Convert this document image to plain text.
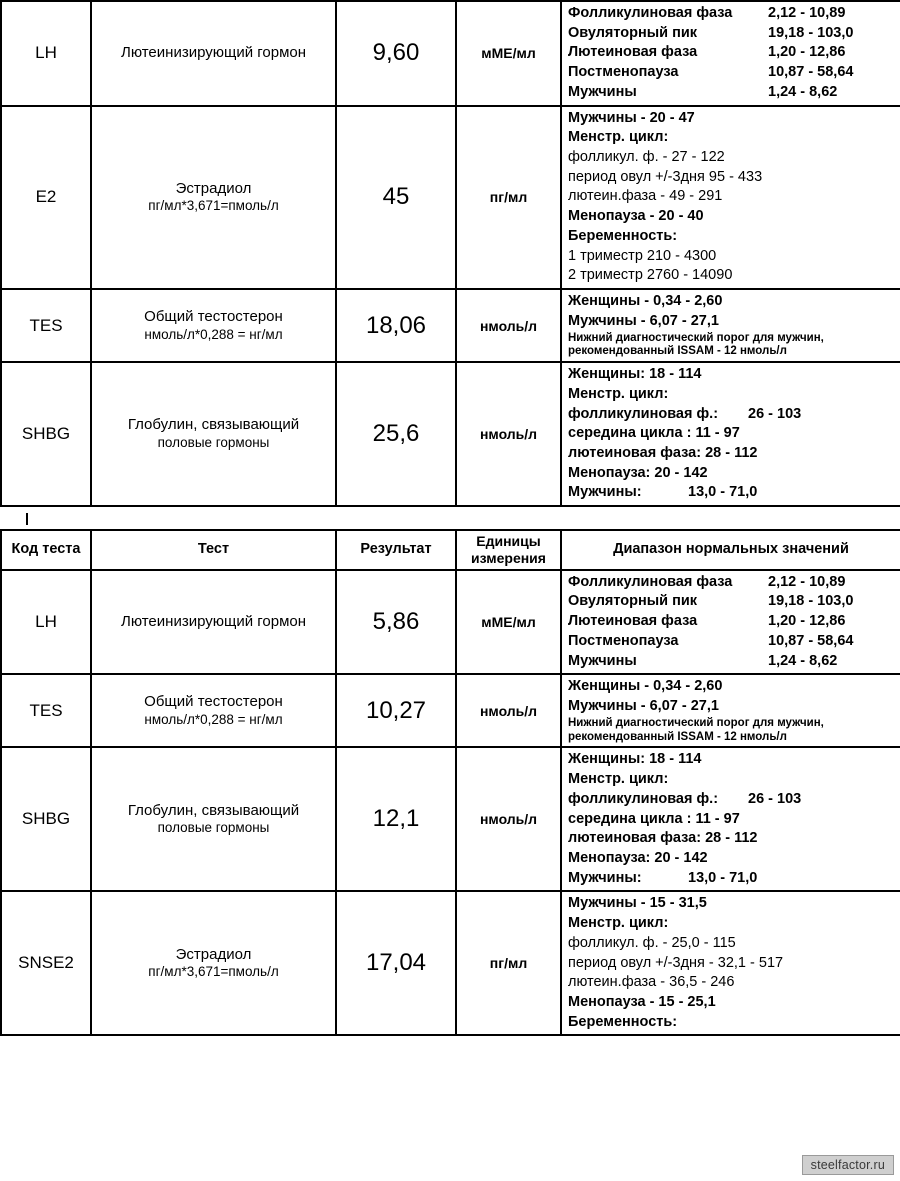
LH	Лютеинизирующий гормон	9,60	мМЕ/мл	Фолликулиновая фаза 2,12 - 10,89
Овуляторный пик 19,18 - 103,0
Лютеиновая фаза 1,20 - 12,86
Постменопауза 10,87 - 58,64
Мужчины 1,24 - 8,62

E2	Эстрадиол
пг/мл*3,671=пмоль/л	45	пг/мл	
Мужчины - 20 - 47
Менстр. цикл:
фолликул. ф. - 27 - 122
период овул +/-3дня 95 - 433
лютеин.фаза - 49 - 291
Менопауза - 20 - 40
Беременность:
1 триместр 210 - 4300
2 триместр 2760 - 14090

TES	Общий тестостерон
нмоль/л*0,288 = нг/мл	18,06	нмоль/л	
Женщины - 0,34 - 2,60
Мужчины - 6,07 - 27,1
Нижний диагностический порог для мужчин, рекомендованный ISSAM - 12 нмоль/л

SHBG	Глобулин, связывающий
половые гормоны	25,6	нмоль/л	
Женщины: 18 - 114
Менстр. цикл:
фолликулиновая ф.: 26 - 103
середина цикла : 11 - 97
лютеиновая фаза: 28 - 112
Менопауза: 20 - 142
Мужчины:	13,0 - 71,0
Код теста	Тест	Результат	Единицы
измерения	Диапазон нормальных значений
LH	Лютеинизирующий гормон	5,86	мМЕ/мл	Фолликулиновая фаза 2,12 - 10,89
Овуляторный пик 19,18 - 103,0
Лютеиновая фаза 1,20 - 12,86
Постменопауза 10,87 - 58,64
Мужчины 1,24 - 8,62

TES	Общий тестостерон
нмоль/л*0,288 = нг/мл	10,27	нмоль/л	
Женщины - 0,34 - 2,60
Мужчины - 6,07 - 27,1
Нижний диагностический порог для мужчин, рекомендованный ISSAM - 12 нмоль/л

SHBG	Глобулин, связывающий
половые гормоны	12,1	нмоль/л	
Женщины: 18 - 114
Менстр. цикл:
фолликулиновая ф.: 26 - 103
середина цикла : 11 - 97
лютеиновая фаза: 28 - 112
Менопауза: 20 - 142
Мужчины:	13,0 - 71,0

SNSE2	Эстрадиол
пг/мл*3,671=пмоль/л	17,04	пг/мл	
Мужчины - 15 - 31,5
Менстр. цикл:
фолликул. ф. - 25,0 - 115
период овул +/-3дня - 32,1 - 517
лютеин.фаза - 36,5 - 246
Менопауза - 15 - 25,1
Беременность:
steelfactor.ru
